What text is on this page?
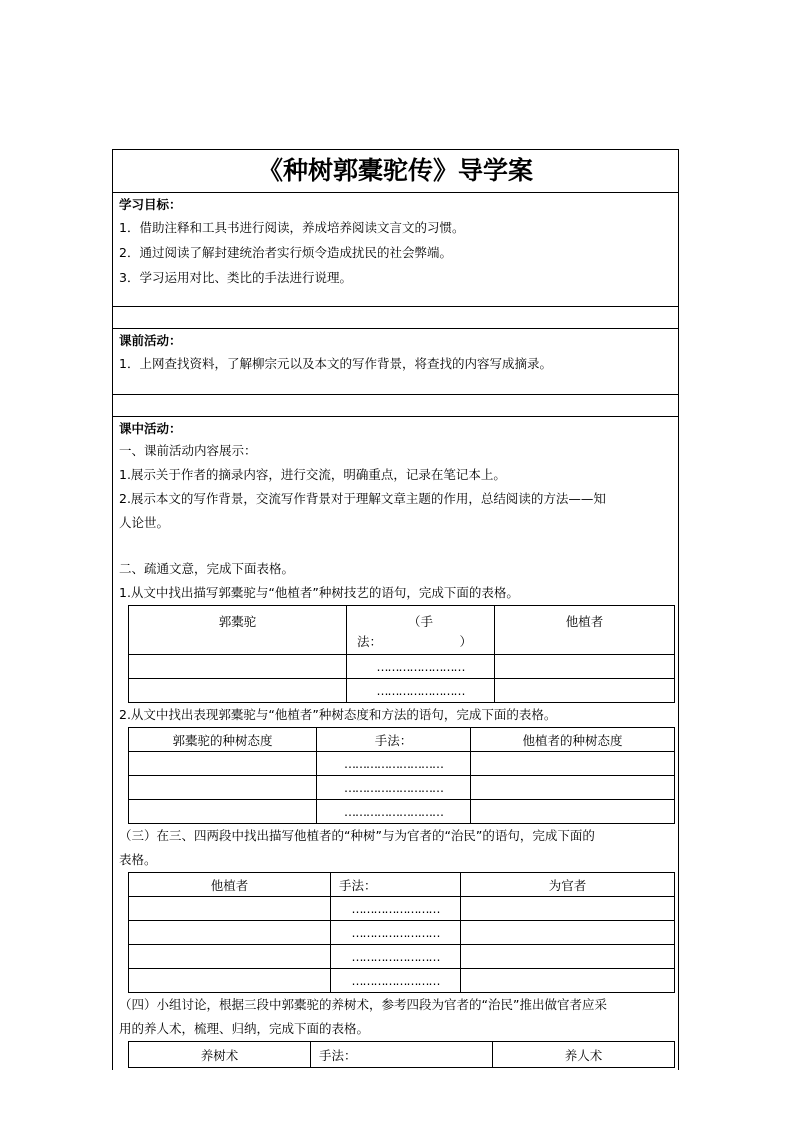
《种树郭橐驼传》导学案
学习目标：
1．借助注释和工具书进行阅读，养成培养阅读文言文的习惯。
2．通过阅读了解封建统治者实行烦令造成扰民的社会弊端。
3．学习运用对比、类比的手法进行说理。
课前活动：
1．上网查找资料，了解柳宗元以及本文的写作背景，将查找的内容写成摘录。
课中活动：
一、课前活动内容展示：
1.展示关于作者的摘录内容，进行交流，明确重点，记录在笔记本上。
2.展示本文的写作背景，交流写作背景对于理解文章主题的作用，总结阅读的方法——知
人论世。
二、疏通文意，完成下面表格。
1.从文中找出描写郭橐驼与“他植者”种树技艺的语句，完成下面的表格。
郭橐驼	（手
法： ）	他植者
	……………………	
	……………………	
2.从文中找出表现郭橐驼与“他植者”种树态度和方法的语句，完成下面的表格。
郭橐驼的种树态度	手法：	他植者的种树态度
	………………………	
	………………………	
	………………………	
（三）在三、四两段中找出描写他植者的“种树”与为官者的“治民”的语句，完成下面的
表格。
他植者	手法：	为官者
	……………………	
	……………………	
	……………………	
	……………………	
（四）小组讨论，根据三段中郭橐驼的养树术，参考四段为官者的“治民”推出做官者应采
用的养人术，梳理、归纳，完成下面的表格。
养树术	手法：	养人术
